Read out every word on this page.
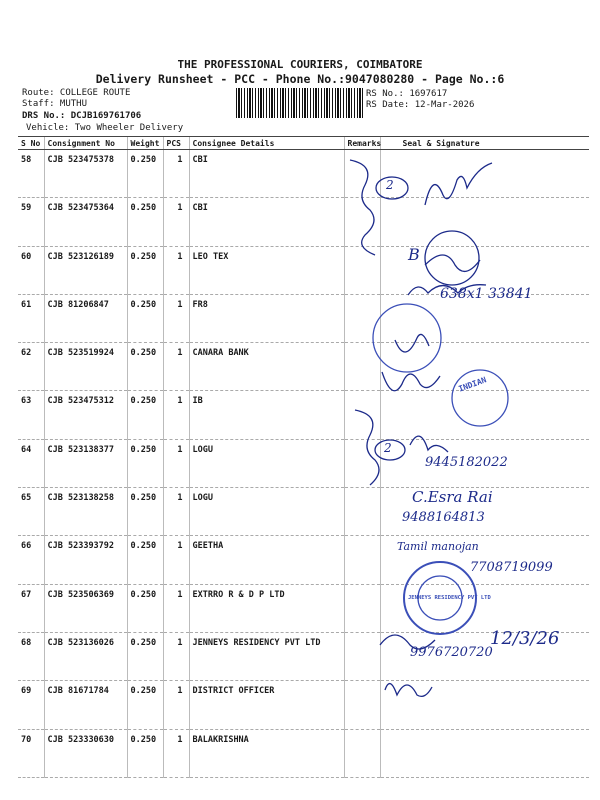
THE PROFESSIONAL COURIERS, COIMBATORE
Delivery Runsheet - PCC - Phone No.:9047080280 - Page No.:6
Route: COLLEGE ROUTE
Staff: MUTHU
DRS No.: DCJB169761706
Vehicle: Two Wheeler Delivery
RS No.: 1697617
RS Date: 12-Mar-2026
S No	Consignment No	Weight	PCS	Consignee Details	Remarks	Seal & Signature
58	CJB 523475378	0.250	1	CBI		
59	CJB 523475364	0.250	1	CBI		
60	CJB 523126189	0.250	1	LEO TEX		
61	CJB 81206847	0.250	1	FR8		
62	CJB 523519924	0.250	1	CANARA BANK		
63	CJB 523475312	0.250	1	IB		
64	CJB 523138377	0.250	1	LOGU		
65	CJB 523138258	0.250	1	LOGU		
66	CJB 523393792	0.250	1	GEETHA		
67	CJB 523506369	0.250	1	EXTRRO R & D P LTD		
68	CJB 523136026	0.250	1	JENNEYS RESIDENCY PVT LTD		
69	CJB 81671784	0.250	1	DISTRICT OFFICER		
70	CJB 523330630	0.250	1	BALAKRISHNA		
2
2
B
638x1 33841
9445182022
C.Esra Rai
9488164813
Tamil manojan
7708719099
12/3/26
9976720720
INDIAN
JENNEYS RESIDENCY PVT LTD
